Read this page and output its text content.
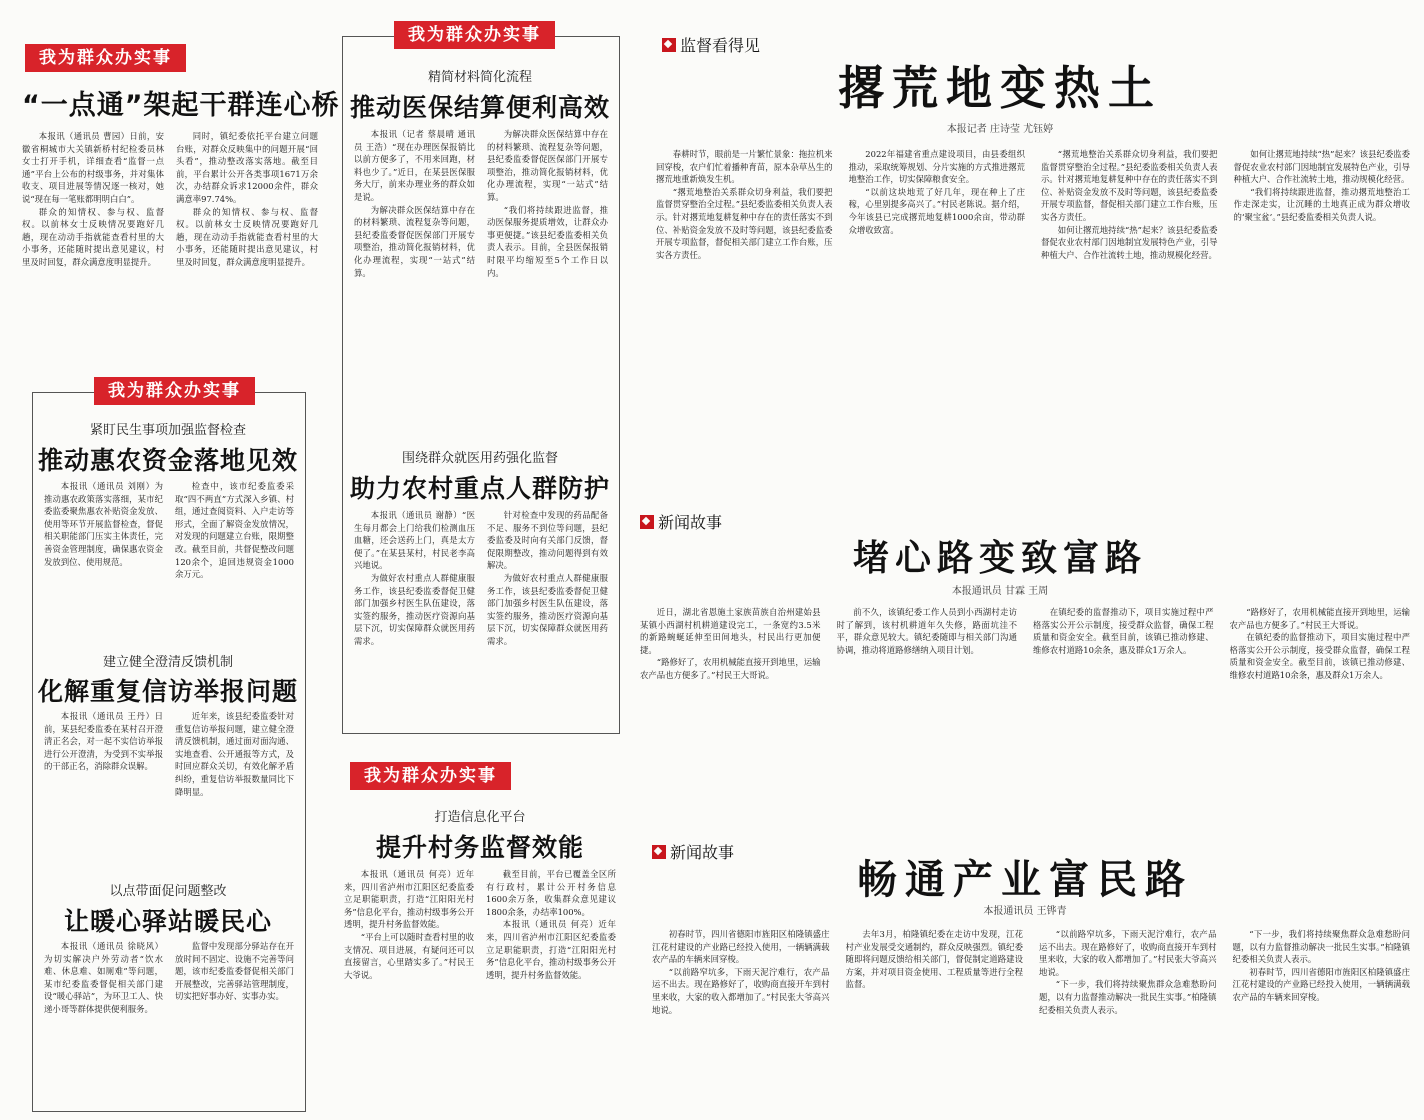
我为群众办实事
“一点通”架起干群连心桥

本报讯（通讯员 曹园）日前，安徽省桐城市大关镇新桥村纪检委员林女士打开手机，详细查看“监督一点通”平台上公布的村级事务，并对集体收支、项目进展等情况逐一核对，她说“现在每一笔账都明明白白”。

群众的知情权、参与权、监督权。以前林女士反映情况要跑好几趟，现在动动手指就能查看村里的大小事务，还能随时提出意见建议，村里及时回复，群众满意度明显提升。

同时，镇纪委依托平台建立问题台账，对群众反映集中的问题开展“回头看”，推动整改落实落地。截至目前，平台累计公开各类事项1671万余次，办结群众诉求12000余件，群众满意率97.74%。

群众的知情权、参与权、监督权。以前林女士反映情况要跑好几趟，现在动动手指就能查看村里的大小事务，还能随时提出意见建议，村里及时回复，群众满意度明显提升。

我为群众办实事
紧盯民生事项加强监督检查
推动惠农资金落地见效

本报讯（通讯员 刘刚）为推动惠农政策落实落细，某市纪委监委聚焦惠农补贴资金发放、使用等环节开展监督检查，督促相关职能部门压实主体责任，完善资金管理制度，确保惠农资金发放到位、使用规范。

检查中，该市纪委监委采取“四不两直”方式深入乡镇、村组，通过查阅资料、入户走访等形式，全面了解资金发放情况，对发现的问题建立台账，限期整改。截至目前，共督促整改问题120余个，追回违规资金1000余万元。

建立健全澄清反馈机制
化解重复信访举报问题

本报讯（通讯员 王丹）日前，某县纪委监委在某村召开澄清正名会，对一起不实信访举报进行公开澄清，为受到不实举报的干部正名，消除群众误解。

近年来，该县纪委监委针对重复信访举报问题，建立健全澄清反馈机制，通过面对面沟通、实地查看、公开通报等方式，及时回应群众关切，有效化解矛盾纠纷，重复信访举报数量同比下降明显。

以点带面促问题整改
让暖心驿站暖民心

本报讯（通讯员 徐晓风）为切实解决户外劳动者“饮水难、休息难、如厕难”等问题，某市纪委监委督促相关部门建设“暖心驿站”，为环卫工人、快递小哥等群体提供便利服务。

监督中发现部分驿站存在开放时间不固定、设施不完善等问题，该市纪委监委督促相关部门开展整改，完善驿站管理制度，切实把好事办好、实事办实。

我为群众办实事
精简材料简化流程
推动医保结算便利高效

本报讯（记者 蔡晨晴 通讯员 王浩）“现在办理医保报销比以前方便多了，不用来回跑，材料也少了。”近日，在某县医保服务大厅，前来办理业务的群众如是说。

为解决群众医保结算中存在的材料繁琐、流程复杂等问题，县纪委监委督促医保部门开展专项整治，推动简化报销材料，优化办理流程，实现“一站式”结算。

为解决群众医保结算中存在的材料繁琐、流程复杂等问题，县纪委监委督促医保部门开展专项整治，推动简化报销材料，优化办理流程，实现“一站式”结算。

“我们将持续跟进监督，推动医保服务提质增效，让群众办事更便捷。”该县纪委监委相关负责人表示。目前，全县医保报销时限平均缩短至5个工作日以内。

围绕群众就医用药强化监督
助力农村重点人群防护

本报讯（通讯员 谢静）“医生每月都会上门给我们检测血压血糖，还会送药上门，真是太方便了。”在某县某村，村民老李高兴地说。

为做好农村重点人群健康服务工作，该县纪委监委督促卫健部门加强乡村医生队伍建设，落实签约服务，推动医疗资源向基层下沉，切实保障群众就医用药需求。

针对检查中发现的药品配备不足、服务不到位等问题，县纪委监委及时向有关部门反馈，督促限期整改，推动问题得到有效解决。

为做好农村重点人群健康服务工作，该县纪委监委督促卫健部门加强乡村医生队伍建设，落实签约服务，推动医疗资源向基层下沉，切实保障群众就医用药需求。

我为群众办实事
打造信息化平台
提升村务监督效能

本报讯（通讯员 何亮）近年来，四川省泸州市江阳区纪委监委立足职能职责，打造“江阳阳光村务”信息化平台，推动村级事务公开透明，提升村务监督效能。

“平台上可以随时查看村里的收支情况、项目进展，有疑问还可以直接留言，心里踏实多了。”村民王大爷说。

截至目前，平台已覆盖全区所有行政村，累计公开村务信息1600余万条，收集群众意见建议1800余条，办结率100%。

本报讯（通讯员 何亮）近年来，四川省泸州市江阳区纪委监委立足职能职责，打造“江阳阳光村务”信息化平台，推动村级事务公开透明，提升村务监督效能。

监督看得见
撂荒地变热土
本报记者 庄诗莹 尤钰婷

春耕时节，眼前是一片繁忙景象：拖拉机来回穿梭，农户们忙着播种育苗，原本杂草丛生的撂荒地重新焕发生机。

“撂荒地整治关系群众切身利益，我们要把监督贯穿整治全过程。”县纪委监委相关负责人表示。针对撂荒地复耕复种中存在的责任落实不到位、补贴资金发放不及时等问题，该县纪委监委开展专项监督，督促相关部门建立工作台账，压实各方责任。

2022年福建省重点建设项目，由县委组织推动，采取统筹规划、分片实施的方式推进撂荒地整治工作，切实保障粮食安全。

“以前这块地荒了好几年，现在种上了庄稼，心里别提多高兴了。”村民老陈说。据介绍，今年该县已完成撂荒地复耕1000余亩，带动群众增收致富。

“撂荒地整治关系群众切身利益，我们要把监督贯穿整治全过程。”县纪委监委相关负责人表示。针对撂荒地复耕复种中存在的责任落实不到位、补贴资金发放不及时等问题，该县纪委监委开展专项监督，督促相关部门建立工作台账，压实各方责任。

如何让撂荒地持续“热”起来？该县纪委监委督促农业农村部门因地制宜发展特色产业，引导种植大户、合作社流转土地，推动规模化经营。

如何让撂荒地持续“热”起来？该县纪委监委督促农业农村部门因地制宜发展特色产业，引导种植大户、合作社流转土地，推动规模化经营。

“我们将持续跟进监督，推动撂荒地整治工作走深走实，让沉睡的土地真正成为群众增收的‘聚宝盆’。”县纪委监委相关负责人说。

新闻故事
堵心路变致富路
本报通讯员 甘霖 王周

近日，湖北省恩施土家族苗族自治州建始县某镇小西湖村机耕道建设完工，一条宽约3.5米的新路蜿蜒延伸至田间地头，村民出行更加便捷。

“路修好了，农用机械能直接开到地里，运输农产品也方便多了。”村民王大哥说。

前不久，该镇纪委工作人员到小西湖村走访时了解到，该村机耕道年久失修，路面坑洼不平，群众意见较大。镇纪委随即与相关部门沟通协调，推动将道路修缮纳入项目计划。

在镇纪委的监督推动下，项目实施过程中严格落实公开公示制度，接受群众监督，确保工程质量和资金安全。截至目前，该镇已推动修建、维修农村道路10余条，惠及群众1万余人。

“路修好了，农用机械能直接开到地里，运输农产品也方便多了。”村民王大哥说。

在镇纪委的监督推动下，项目实施过程中严格落实公开公示制度，接受群众监督，确保工程质量和资金安全。截至目前，该镇已推动修建、维修农村道路10余条，惠及群众1万余人。

新闻故事
畅通产业富民路
本报通讯员 王铧青

初春时节，四川省德阳市旌阳区柏隆镇盛庄江花村建设的产业路已经投入使用，一辆辆满载农产品的车辆来回穿梭。

“以前路窄坑多，下雨天泥泞难行，农产品运不出去。现在路修好了，收购商直接开车到村里来收，大家的收入都增加了。”村民张大爷高兴地说。

去年3月，柏隆镇纪委在走访中发现，江花村产业发展受交通制约，群众反映强烈。镇纪委随即将问题反馈给相关部门，督促制定道路建设方案，并对项目资金使用、工程质量等进行全程监督。

“以前路窄坑多，下雨天泥泞难行，农产品运不出去。现在路修好了，收购商直接开车到村里来收，大家的收入都增加了。”村民张大爷高兴地说。

“下一步，我们将持续聚焦群众急难愁盼问题，以有力监督推动解决一批民生实事。”柏隆镇纪委相关负责人表示。

“下一步，我们将持续聚焦群众急难愁盼问题，以有力监督推动解决一批民生实事。”柏隆镇纪委相关负责人表示。

初春时节，四川省德阳市旌阳区柏隆镇盛庄江花村建设的产业路已经投入使用，一辆辆满载农产品的车辆来回穿梭。
